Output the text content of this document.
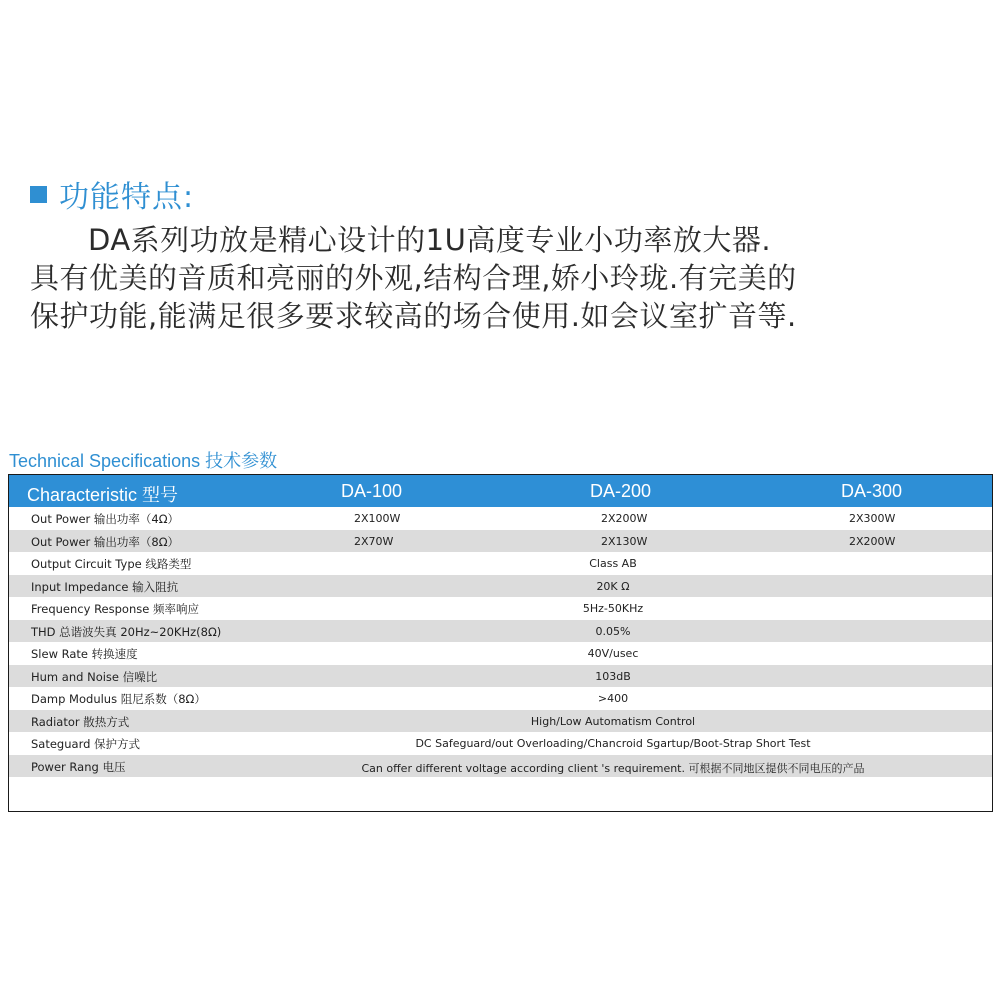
功能特点:

DA系列功放是精心设计的1U高度专业小功率放大器.具有优美的音质和亮丽的外观,结构合理,娇小玲珑.有完美的保护功能,能满足很多要求较高的场合使用.如会议室扩音等.

Technical Specifications 技术参数
Characteristic 型号	DA-100	DA-200	DA-300
Out Power 输出功率（4Ω）	2X100W	2X200W	2X300W
Out Power 输出功率（8Ω）	2X70W	2X130W	2X200W
Output Circuit Type 线路类型	Class AB
Input Impedance 输入阻抗	20K Ω
Frequency Response 频率响应	5Hz-50KHz
THD 总谐波失真 20Hz~20KHz(8Ω)	0.05%
Slew Rate 转换速度	40V/usec
Hum and Noise 信噪比	103dB
Damp Modulus 阻尼系数（8Ω）	>400
Radiator 散热方式	High/Low Automatism Control
Sateguard 保护方式	DC Safeguard/out Overloading/Chancroid Sgartup/Boot-Strap Short Test
Power Rang 电压	Can offer different voltage according client 's requirement. 可根据不同地区提供不同电压的产品
